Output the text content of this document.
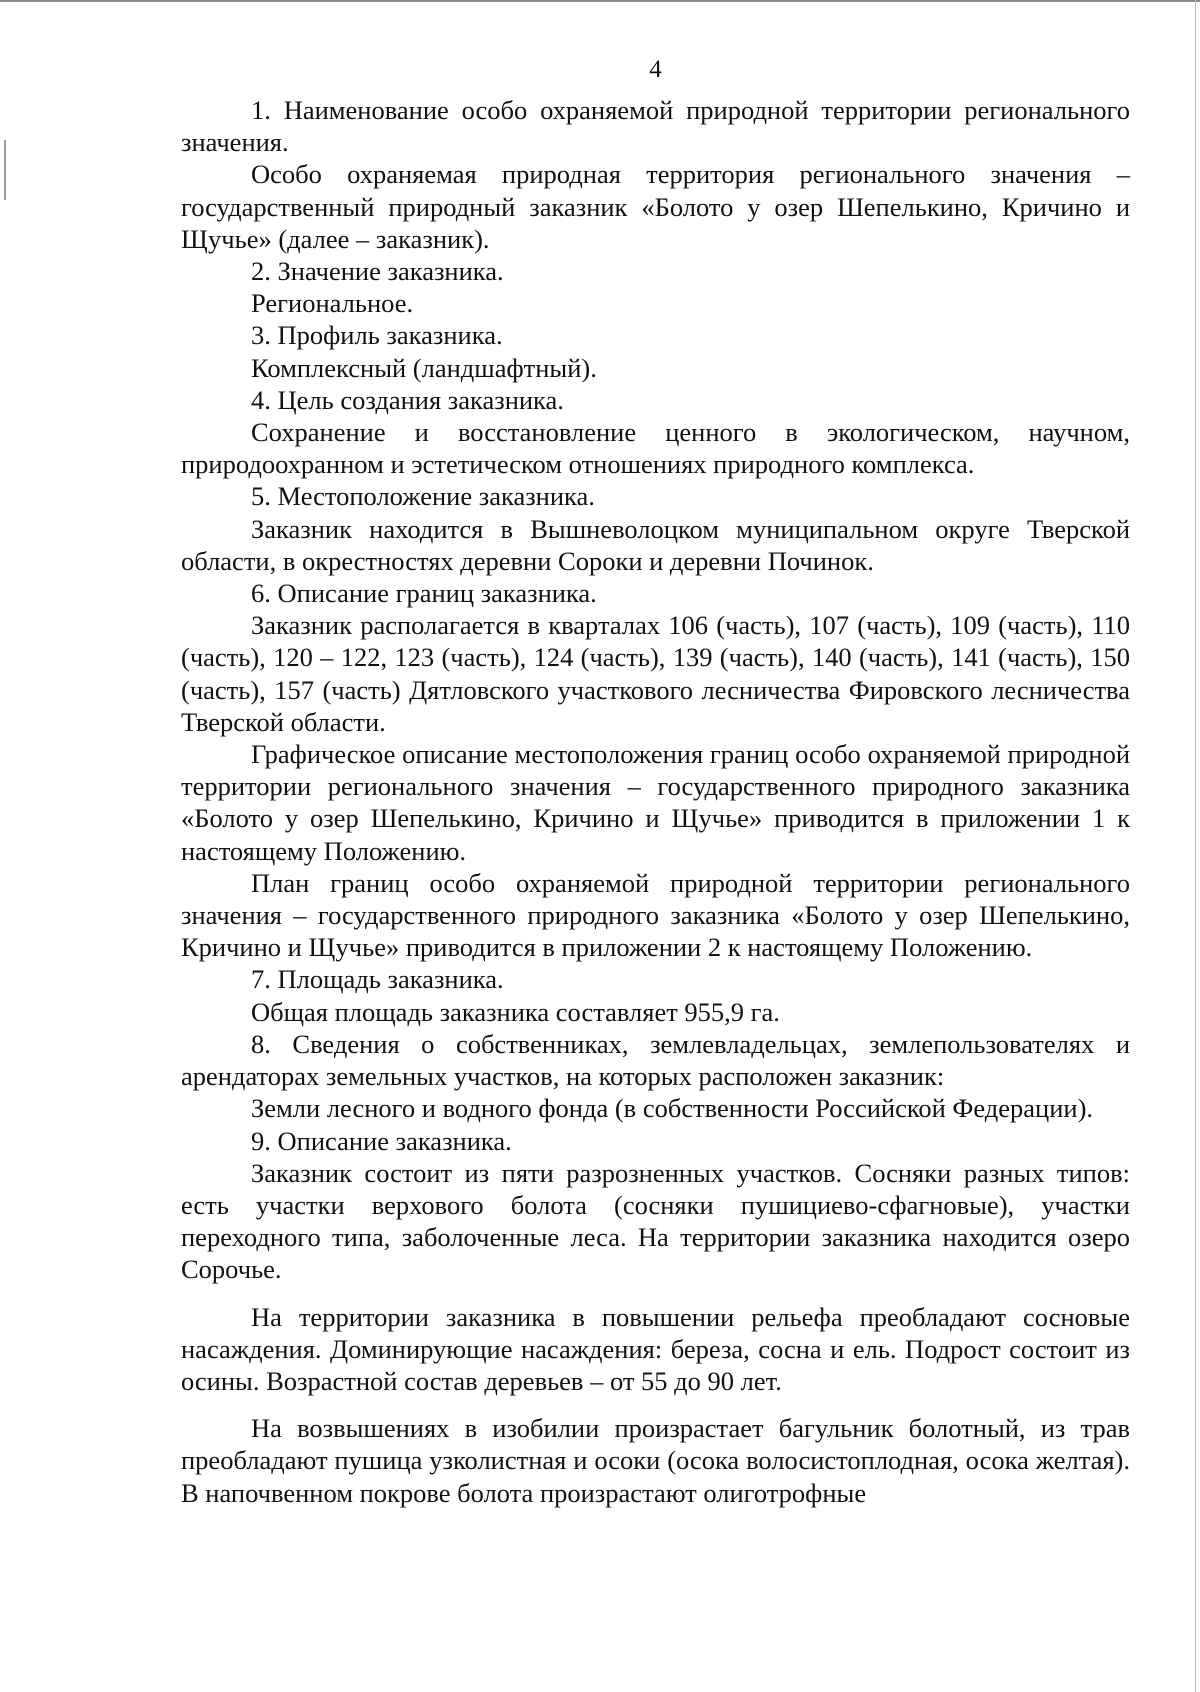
4

1. Наименование особо охраняемой природной территории регионального значения.

Особо охраняемая природная территория регионального значения – государственный природный заказник «Болото у озер Шепелькино, Кричино и Щучье» (далее – заказник).

2. Значение заказника.

Региональное.

3. Профиль заказника.

Комплексный (ландшафтный).

4. Цель создания заказника.

Сохранение и восстановление ценного в экологическом, научном, природоохранном и эстетическом отношениях природного комплекса.

5. Местоположение заказника.

Заказник находится в Вышневолоцком муниципальном округе Тверской области, в окрестностях деревни Сороки и деревни Починок.

6. Описание границ заказника.

Заказник располагается в кварталах 106 (часть), 107 (часть), 109 (часть), 110 (часть), 120 – 122, 123 (часть), 124 (часть), 139 (часть), 140 (часть), 141 (часть), 150 (часть), 157 (часть) Дятловского участкового лесничества Фировского лесничества Тверской области.

Графическое описание местоположения границ особо охраняемой природной территории регионального значения – государственного природного заказника «Болото у озер Шепелькино, Кричино и Щучье» приводится в приложении 1 к настоящему Положению.

План границ особо охраняемой природной территории регионального значения – государственного природного заказника «Болото у озер Шепелькино, Кричино и Щучье» приводится в приложении 2 к настоящему Положению.

7. Площадь заказника.

Общая площадь заказника составляет 955,9 га.

8. Сведения о собственниках, землевладельцах, землепользователях и арендаторах земельных участков, на которых расположен заказник:

Земли лесного и водного фонда (в собственности Российской Федерации).

9. Описание заказника.

Заказник состоит из пяти разрозненных участков. Сосняки разных типов: есть участки верхового болота (сосняки пушициево-сфагновые), участки переходного типа, заболоченные леса. На территории заказника находится озеро Сорочье.

На территории заказника в повышении рельефа преобладают сосновые насаждения. Доминирующие насаждения: береза, сосна и ель. Подрост состоит из осины. Возрастной состав деревьев – от 55 до 90 лет.

На возвышениях в изобилии произрастает багульник болотный, из трав преобладают пушица узколистная и осоки (осока волосистоплодная, осока желтая). В напочвенном покрове болота произрастают олиготрофные
